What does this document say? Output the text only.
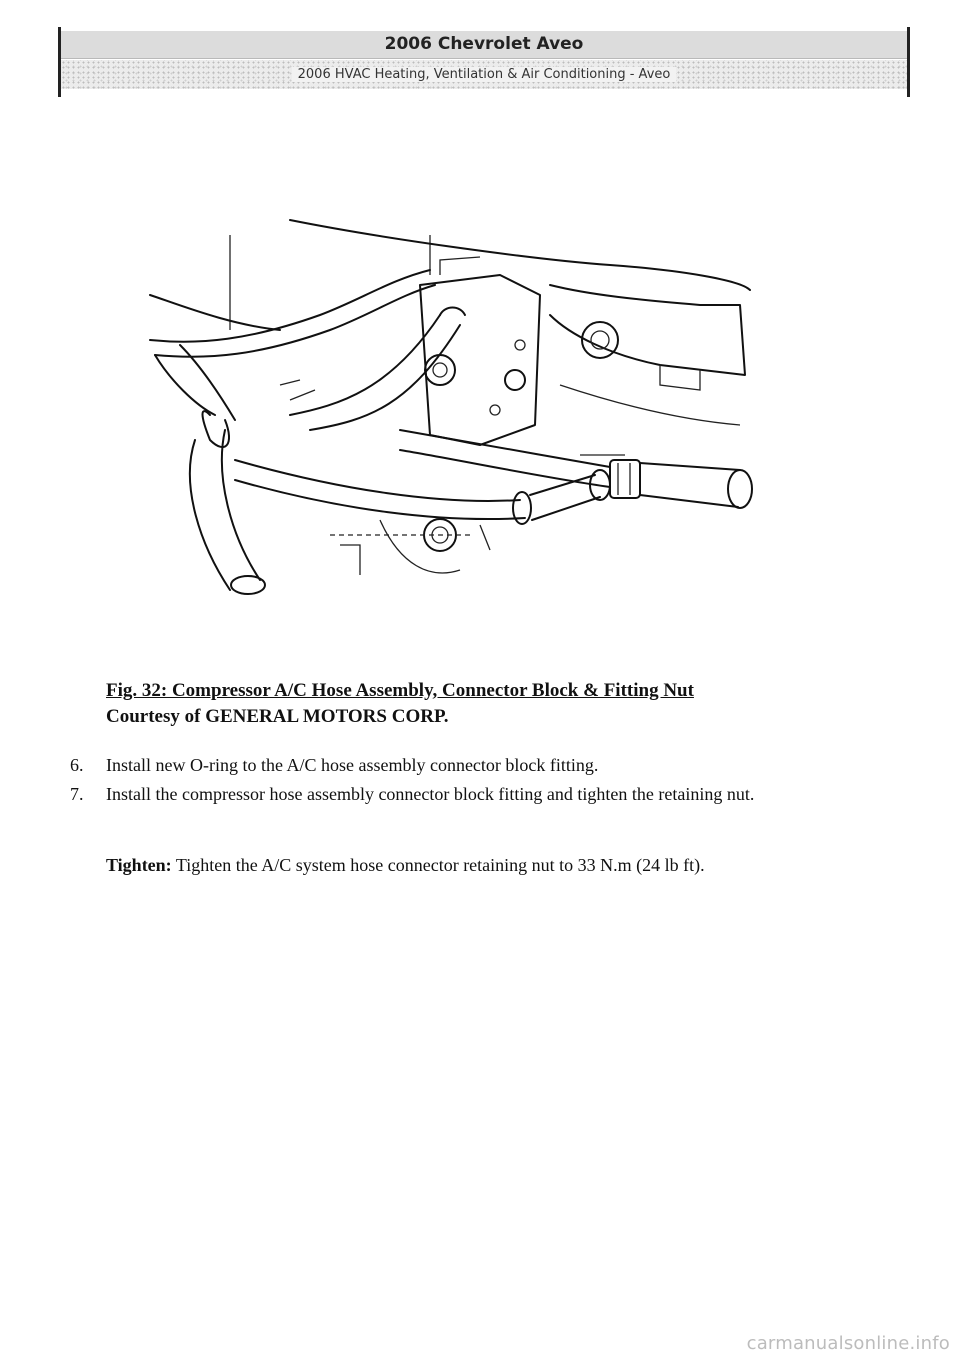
2006 Chevrolet Aveo
2006 HVAC Heating, Ventilation & Air Conditioning - Aveo
Fig. 32: Compressor A/C Hose Assembly, Connector Block & Fitting Nut
Courtesy of GENERAL MOTORS CORP.
6.	Install new O-ring to the A/C hose assembly connector block fitting.
7.	Install the compressor hose assembly connector block fitting and tighten the retaining nut.
Tighten: Tighten the A/C system hose connector retaining nut to 33 N.m (24 lb ft).
carmanualsonline.info
